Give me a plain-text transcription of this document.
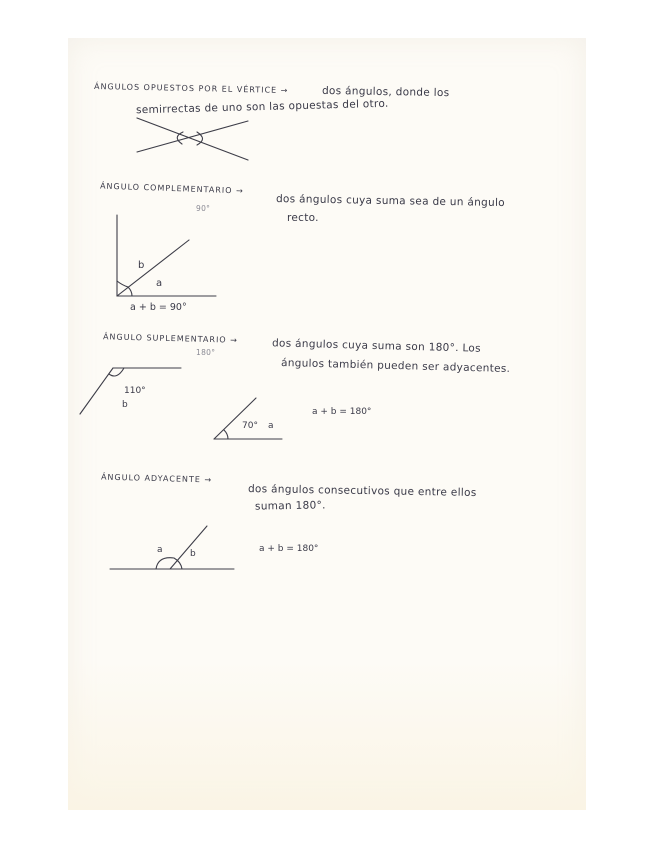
ÁNGULOS OPUESTOS POR EL VÉRTICE →	dos ángulos, donde los

semirrectas de uno son las opuestas del otro.

ÁNGULO COMPLEMENTARIO →

90°	dos ángulos cuya suma sea de un ángulo

recto.

b
a
a + b = 90°
ÁNGULO SUPLEMENTARIO →

180°	dos ángulos cuya suma son 180°. Los

ángulos también pueden ser adyacentes.

110°
b
70° a
a + b = 180°
ÁNGULO ADYACENTE →

dos ángulos consecutivos que entre ellos

suman 180°.

a	b	a + b = 180°
